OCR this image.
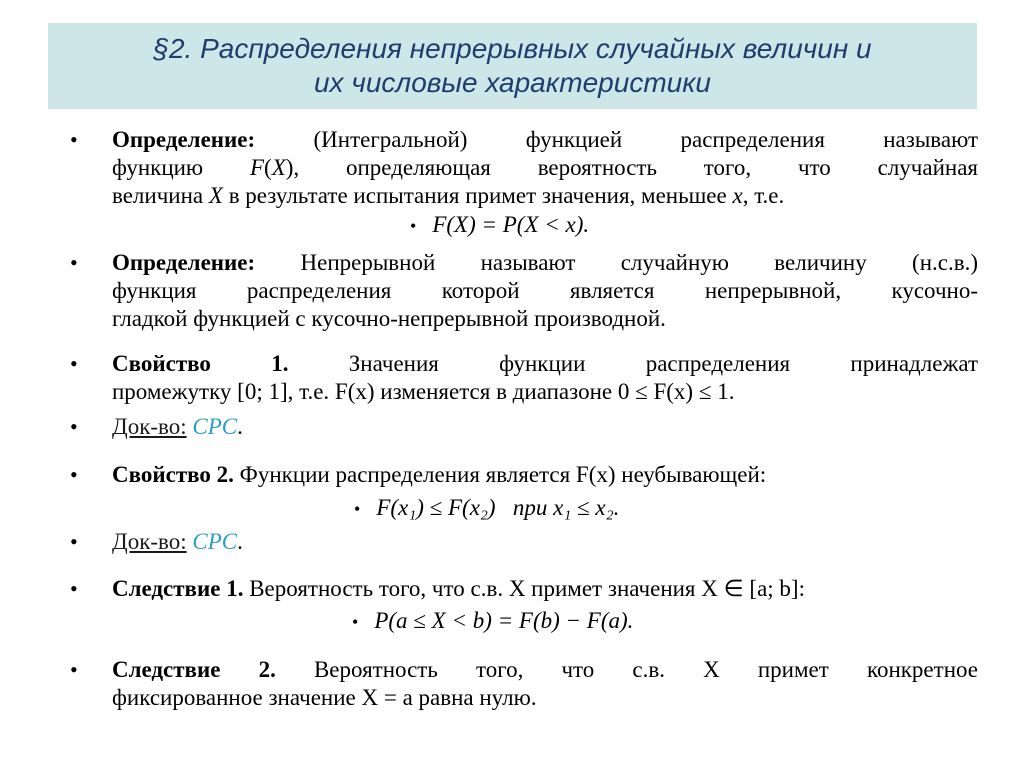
§2. Распределения непрерывных случайных величин и
их числовые характеристики
• Определение:	(Интегральной) функцией распределения называют
функцию F(X), определяющая вероятность того, что случайная
величина X в результате испытания примет значения, меньшее x, т.е.
• F(X) = P(X < x).
• Определение: Непрерывной называют случайную величину (н.с.в.)
функция распределения которой является непрерывной, кусочно-
гладкой функцией с кусочно-непрерывной производной.
• Свойство 1.	Значения функции распределения принадлежат
промежутку [0; 1], т.е. F(x) изменяется в диапазоне 0 ≤ F(x) ≤ 1.
• Док-во: СРС.
• Свойство 2. Функции распределения является F(x) неубывающей:
• F(x₁) ≤ F(x₂)   при x₁ ≤ x₂.
• Док-во: СРС.
• Следствие 1. Вероятность того, что с.в. X примет значения X ∈ [a; b]:
• P(a ≤ X < b) = F(b) − F(a).
• Следствие 2. Вероятность того, что с.в. X примет конкретное
фиксированное значение X = a равна нулю.
